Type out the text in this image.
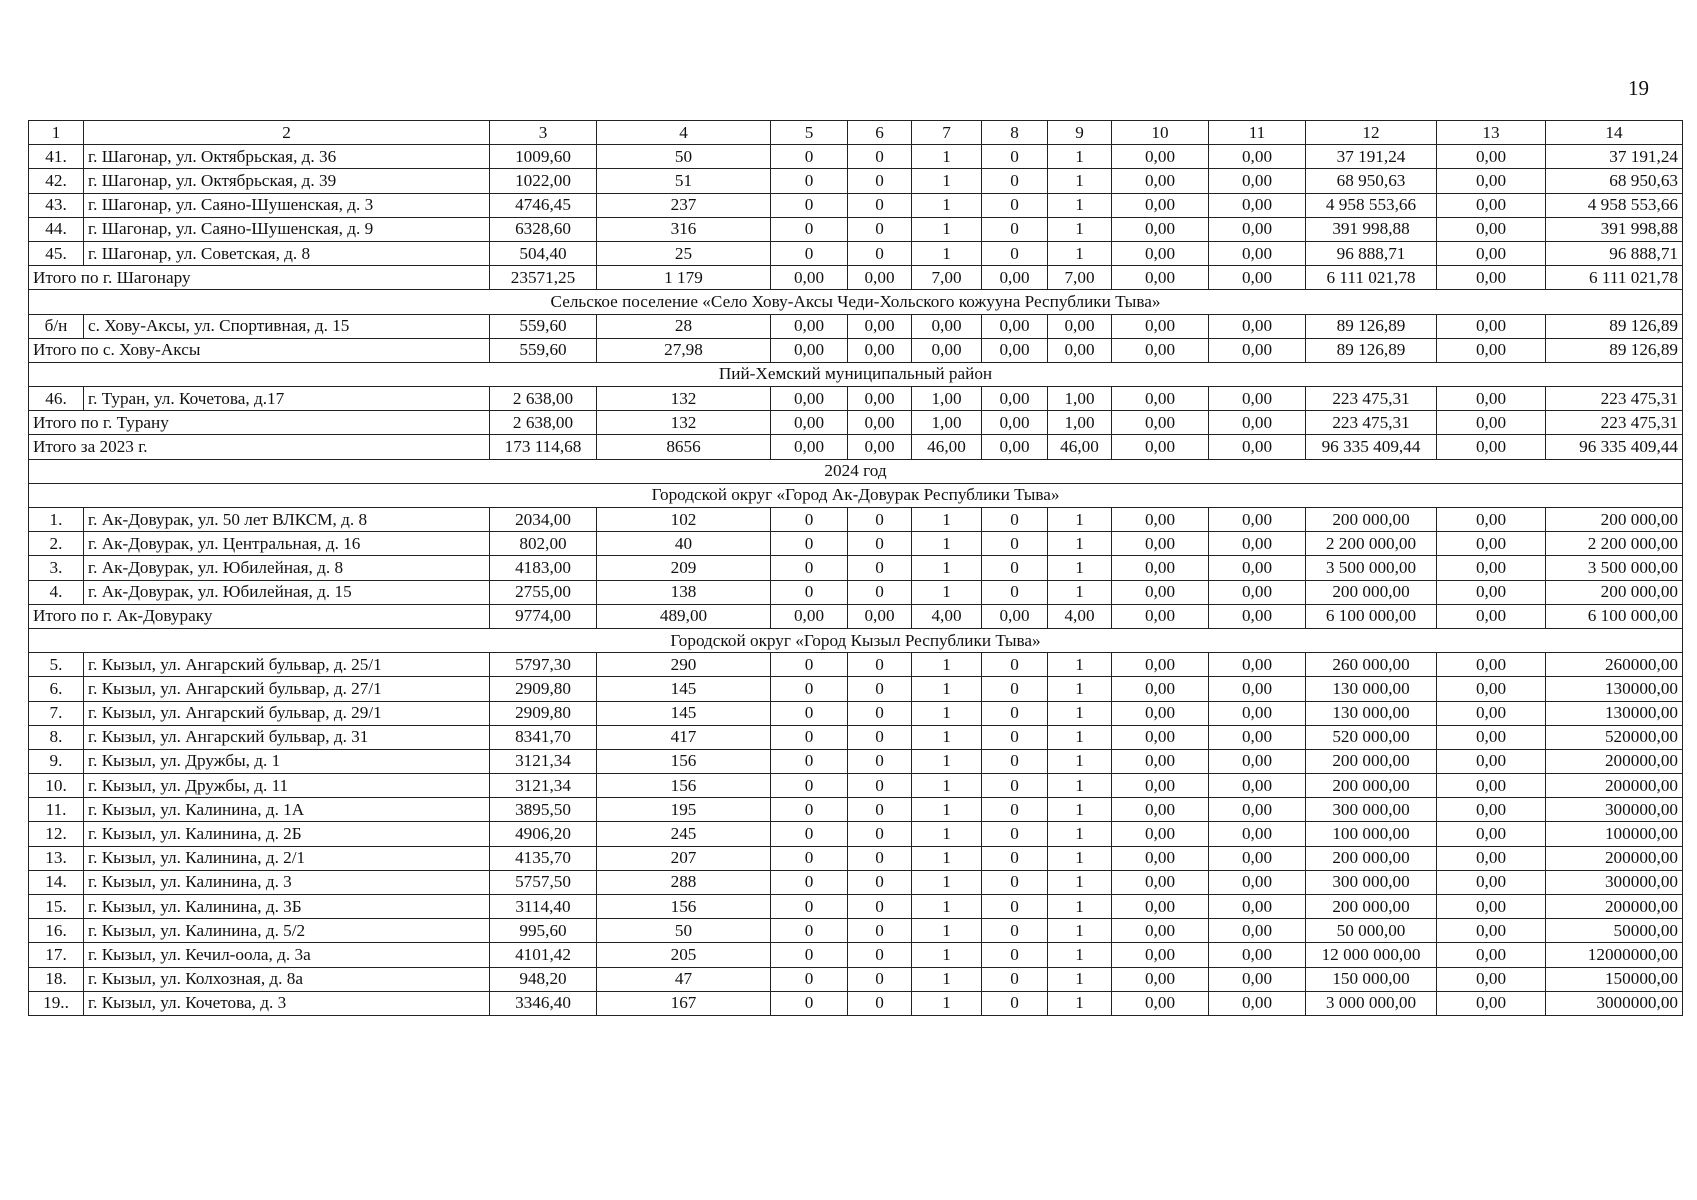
19
1	2	3	4	5	6	7	8	9	10	11	12	13	14
41.	г. Шагонар, ул. Октябрьская, д. 36	1009,60	50	0	0	1	0	1	0,00	0,00	37 191,24	0,00	37 191,24
42.	г. Шагонар, ул. Октябрьская, д. 39	1022,00	51	0	0	1	0	1	0,00	0,00	68 950,63	0,00	68 950,63
43.	г. Шагонар, ул. Саяно-Шушенская, д. 3	4746,45	237	0	0	1	0	1	0,00	0,00	4 958 553,66	0,00	4 958 553,66
44.	г. Шагонар, ул. Саяно-Шушенская, д. 9	6328,60	316	0	0	1	0	1	0,00	0,00	391 998,88	0,00	391 998,88
45.	г. Шагонар, ул. Советская, д. 8	504,40	25	0	0	1	0	1	0,00	0,00	96 888,71	0,00	96 888,71
Итого по г. Шагонару		23571,25	1 179	0,00	0,00	7,00	0,00	7,00	0,00	0,00	6 111 021,78	0,00	6 111 021,78
Сельское поселение «Село Хову-Аксы Чеди-Хольского кожууна Республики Тыва»													
б/н	с. Хову-Аксы, ул. Спортивная, д. 15	559,60	28	0,00	0,00	0,00	0,00	0,00	0,00	0,00	89 126,89	0,00	89 126,89
Итого по с. Хову-Аксы		559,60	27,98	0,00	0,00	0,00	0,00	0,00	0,00	0,00	89 126,89	0,00	89 126,89
Пий-Хемский муниципальный район													
46.	г. Туран, ул. Кочетова, д.17	2 638,00	132	0,00	0,00	1,00	0,00	1,00	0,00	0,00	223 475,31	0,00	223 475,31
Итого по г. Турану		2 638,00	132	0,00	0,00	1,00	0,00	1,00	0,00	0,00	223 475,31	0,00	223 475,31
Итого за 2023 г.		173 114,68	8656	0,00	0,00	46,00	0,00	46,00	0,00	0,00	96 335 409,44	0,00	96 335 409,44
2024 год													
Городской округ «Город Ак-Довурак Республики Тыва»													
1.	г. Ак-Довурак, ул. 50 лет ВЛКСМ, д. 8	2034,00	102	0	0	1	0	1	0,00	0,00	200 000,00	0,00	200 000,00
2.	г. Ак-Довурак, ул. Центральная, д. 16	802,00	40	0	0	1	0	1	0,00	0,00	2 200 000,00	0,00	2 200 000,00
3.	г. Ак-Довурак, ул. Юбилейная, д. 8	4183,00	209	0	0	1	0	1	0,00	0,00	3 500 000,00	0,00	3 500 000,00
4.	г. Ак-Довурак, ул. Юбилейная, д. 15	2755,00	138	0	0	1	0	1	0,00	0,00	200 000,00	0,00	200 000,00
Итого по г. Ак-Довураку		9774,00	489,00	0,00	0,00	4,00	0,00	4,00	0,00	0,00	6 100 000,00	0,00	6 100 000,00
Городской округ «Город Кызыл Республики Тыва»													
5.	г. Кызыл, ул. Ангарский бульвар, д. 25/1	5797,30	290	0	0	1	0	1	0,00	0,00	260 000,00	0,00	260000,00
6.	г. Кызыл, ул. Ангарский бульвар, д. 27/1	2909,80	145	0	0	1	0	1	0,00	0,00	130 000,00	0,00	130000,00
7.	г. Кызыл, ул. Ангарский бульвар, д. 29/1	2909,80	145	0	0	1	0	1	0,00	0,00	130 000,00	0,00	130000,00
8.	г. Кызыл, ул. Ангарский бульвар, д. 31	8341,70	417	0	0	1	0	1	0,00	0,00	520 000,00	0,00	520000,00
9.	г. Кызыл, ул. Дружбы, д. 1	3121,34	156	0	0	1	0	1	0,00	0,00	200 000,00	0,00	200000,00
10.	г. Кызыл, ул. Дружбы, д. 11	3121,34	156	0	0	1	0	1	0,00	0,00	200 000,00	0,00	200000,00
11.	г. Кызыл, ул. Калинина, д. 1А	3895,50	195	0	0	1	0	1	0,00	0,00	300 000,00	0,00	300000,00
12.	г. Кызыл, ул. Калинина, д. 2Б	4906,20	245	0	0	1	0	1	0,00	0,00	100 000,00	0,00	100000,00
13.	г. Кызыл, ул. Калинина, д. 2/1	4135,70	207	0	0	1	0	1	0,00	0,00	200 000,00	0,00	200000,00
14.	г. Кызыл, ул. Калинина, д. 3	5757,50	288	0	0	1	0	1	0,00	0,00	300 000,00	0,00	300000,00
15.	г. Кызыл, ул. Калинина, д. 3Б	3114,40	156	0	0	1	0	1	0,00	0,00	200 000,00	0,00	200000,00
16.	г. Кызыл, ул. Калинина, д. 5/2	995,60	50	0	0	1	0	1	0,00	0,00	50 000,00	0,00	50000,00
17.	г. Кызыл, ул. Кечил-оола, д. 3а	4101,42	205	0	0	1	0	1	0,00	0,00	12 000 000,00	0,00	12000000,00
18.	г. Кызыл, ул. Колхозная, д. 8а	948,20	47	0	0	1	0	1	0,00	0,00	150 000,00	0,00	150000,00
19..	г. Кызыл, ул. Кочетова, д. 3	3346,40	167	0	0	1	0	1	0,00	0,00	3 000 000,00	0,00	3000000,00
